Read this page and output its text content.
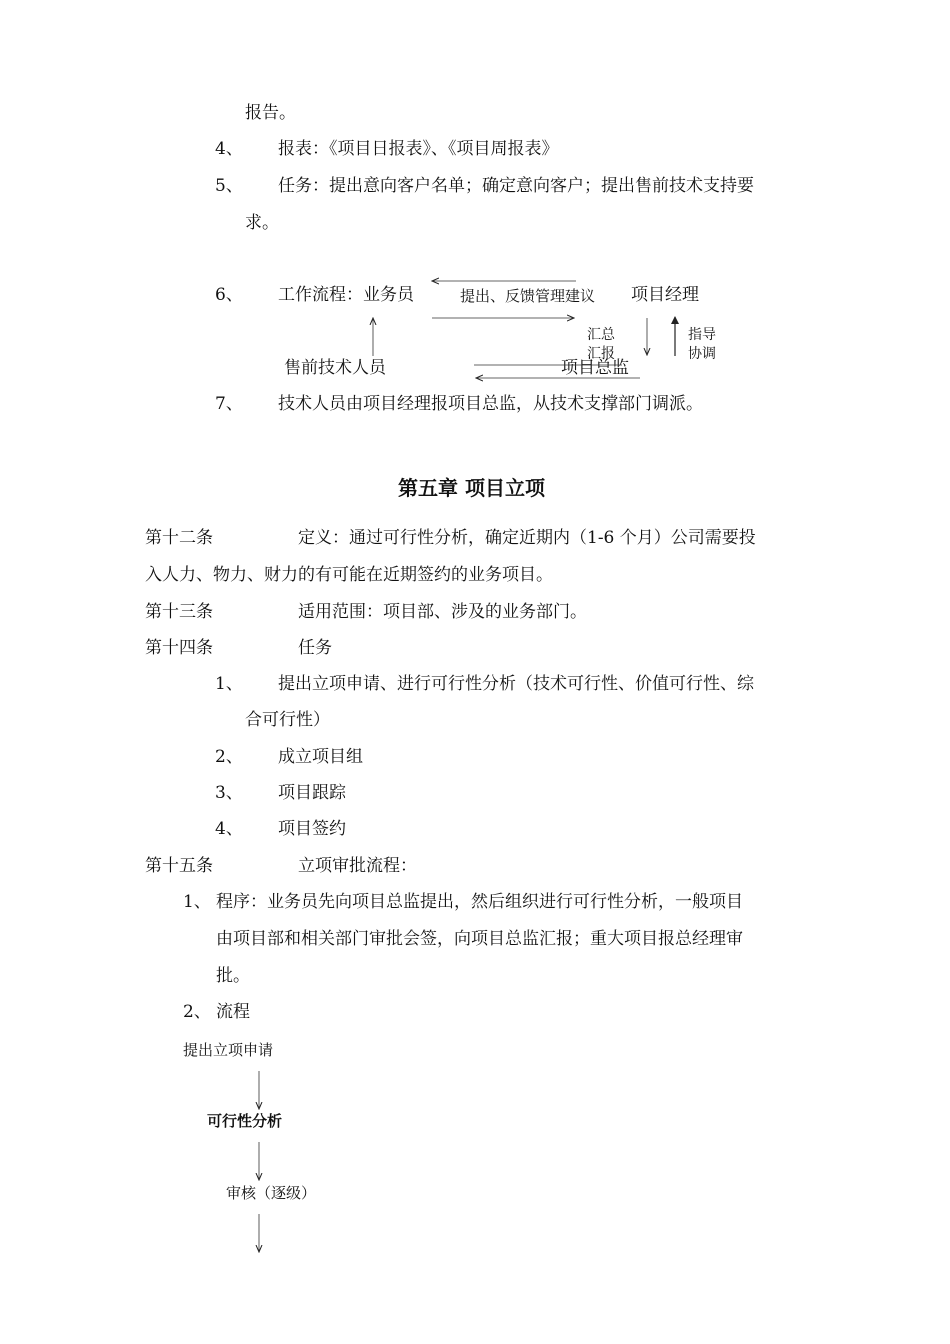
报告。
4、 报表：《项目日报表》、《项目周报表》
5、 任务：提出意向客户名单；确定意向客户；提出售前技术支持要
求。
6、 工作流程：业务员	提出、反馈管理建议 项目经理
汇总
汇报
指导
协调
售前技术人员	项目总监
7、 技术人员由项目经理报项目总监，从技术支撑部门调派。
第五章 项目立项
第十二条	定义：通过可行性分析，确定近期内（1-6 个月）公司需要投
入人力、物力、财力的有可能在近期签约的业务项目。
第十三条	适用范围：项目部、涉及的业务部门。
第十四条	任务
1、 提出立项申请、进行可行性分析（技术可行性、价值可行性、综
合可行性）
2、 成立项目组
3、 项目跟踪
4、 项目签约
第十五条	立项审批流程：
1、 程序：业务员先向项目总监提出，然后组织进行可行性分析，一般项目
由项目部和相关部门审批会签，向项目总监汇报；重大项目报总经理审
批。
2、 流程
提出立项申请
可行性分析
审核（逐级）
